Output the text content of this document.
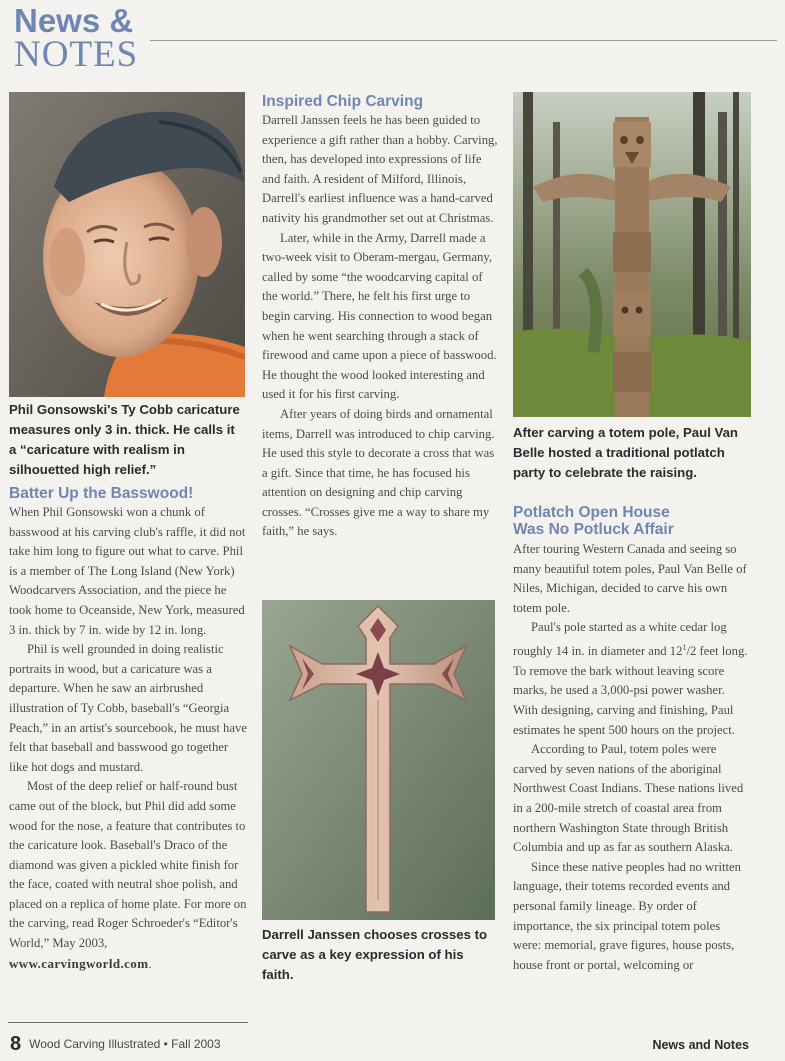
News &
NOTES
Phil Gonsowski's Ty Cobb caricature measures only 3 in. thick. He calls it a “caricature with realism in silhouetted high relief.”
Batter Up the Basswood!

When Phil Gonsowski won a chunk of basswood at his carving club's raffle, it did not take him long to figure out what to carve. Phil is a member of The Long Island (New York) Woodcarvers Association, and the piece he took home to Oceanside, New York, measured 3 in. thick by 7 in. wide by 12 in. long.

Phil is well grounded in doing realistic portraits in wood, but a caricature was a departure. When he saw an airbrushed illustration of Ty Cobb, baseball's “Georgia Peach,” in an artist's sourcebook, he must have felt that baseball and basswood go together like hot dogs and mustard.

Most of the deep relief or half-round bust came out of the block, but Phil did add some wood for the nose, a feature that contributes to the caricature look. Baseball's Draco of the diamond was given a pickled white finish for the face, coated with neutral shoe polish, and placed on a replica of home plate. For more on the carving, read Roger Schroeder's “Editor's World,” May 2003,

www.carvingworld.com.
Inspired Chip Carving

Darrell Janssen feels he has been guided to experience a gift rather than a hobby. Carving, then, has developed into expressions of life and faith. A resident of Milford, Illinois, Darrell's earliest influence was a hand-carved nativity his grandmother set out at Christmas.

Later, while in the Army, Darrell made a two-week visit to Oberam-mergau, Germany, called by some “the woodcarving capital of the world.” There, he felt his first urge to begin carving. His connection to wood began when he went searching through a stack of firewood and came upon a piece of basswood. He thought the wood looked interesting and used it for his first carving.

After years of doing birds and ornamental items, Darrell was introduced to chip carving. He used this style to decorate a cross that was a gift. Since that time, he has focused his attention on designing and chip carving crosses. “Crosses give me a way to share my faith,” he says.

Darrell Janssen chooses crosses to carve as a key expression of his faith.
After carving a totem pole, Paul Van Belle hosted a traditional potlatch party to celebrate the raising.
Potlatch Open House
Was No Potluck Affair

After touring Western Canada and seeing so many beautiful totem poles, Paul Van Belle of Niles, Michigan, decided to carve his own totem pole.

Paul's pole started as a white cedar log roughly 14 in. in diameter and $12^1/2$ feet long. To remove the bark without leaving score marks, he used a 3,000-psi power washer. With designing, carving and finishing, Paul estimates he spent 500 hours on the project.

According to Paul, totem poles were carved by seven nations of the aboriginal Northwest Coast Indians. These nations lived in a 200-mile stretch of coastal area from northern Washington State through British Columbia and up as far as southern Alaska.

Since these native peoples had no written language, their totems recorded events and personal family lineage. By order of importance, the six principal totem poles were: memorial, grave figures, house posts, house front or portal, welcoming or

8 Wood Carving Illustrated • Fall 2003	News and Notes
